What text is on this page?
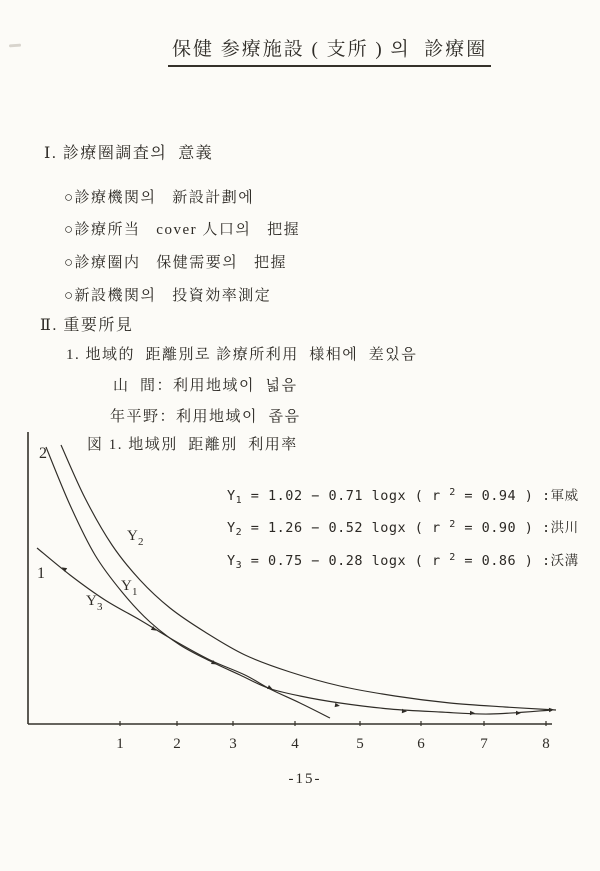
保健 参療施設 ( 支所 ) 의  診療圈
Ⅰ. 診療圈調査의  意義
○診療機関의   新設計劃에
○診療所当   cover 人口의   把握
○診療圈内   保健需要의   把握
○新設機関의   投資効率測定
Ⅱ. 重要所見
1. 地域的  距離別로 診療所利用  様相에  差있음
山  間：利用地域이  넓음
年平野：利用地域이  좁음
図 1. 地域別  距離別  利用率
1	2	3	4	5	6	7	8
2
1
Y 1
Y 2
Y 3
$Y_1 = 1.02 - 0.71$ logx ( r $^2$ = 0.94 ) :軍威
$Y_2 = 1.26 - 0.52$ logx ( r $^2$ = 0.90 ) :洪川
$Y_3 = 0.75 - 0.28$ logx ( r $^2$ = 0.86 ) :沃溝
-15-
